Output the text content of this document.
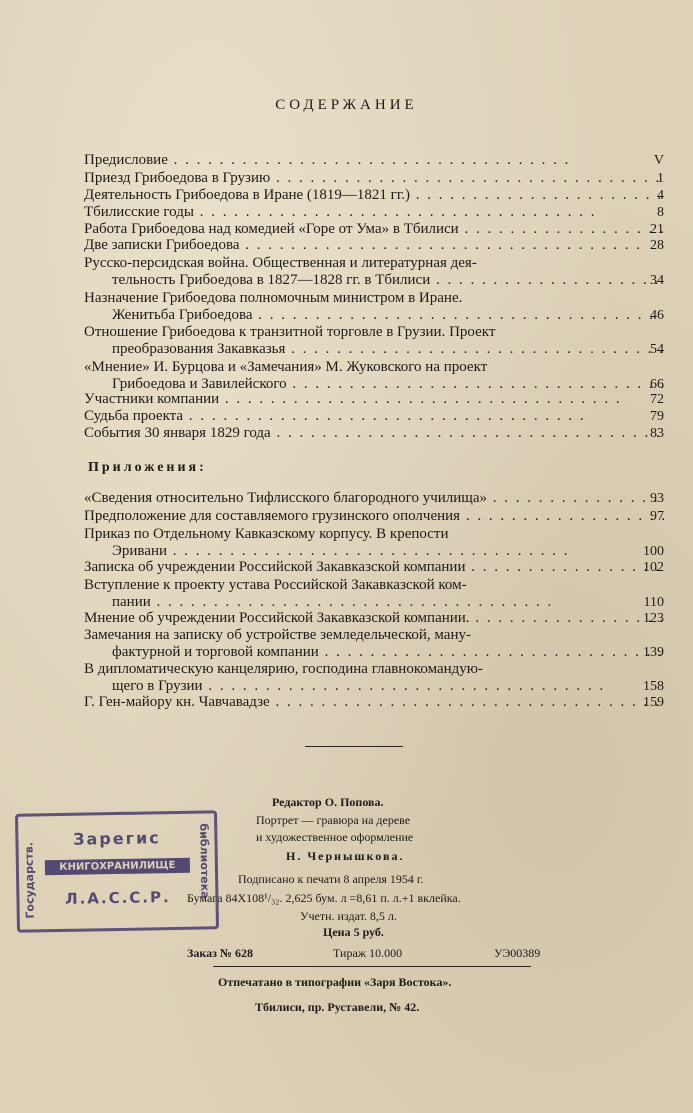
СОДЕРЖАНИЕ
Предисловие . . .	V
Приезд Грибоедова в Грузию . . .	1
Деятельность Грибоедова в Иране (1819—1821 гг.) . . .	4
Тбилисские годы . . .	8
Работа Грибоедова над комедией «Горе от Ума» в Тбилиси . . .	21
Две записки Грибоедова . . .	28
Русско-персидская война. Общественная и литературная дея-
тельность Грибоедова в 1827—1828 гг. в Тбилиси . . .	34
Назначение Грибоедова полномочным министром в Иране.
Женитьба Грибоедова . . .	46
Отношение Грибоедова к транзитной торговле в Грузии. Проект
преобразования Закавказья . . .	54
«Мнение» И. Бурцова и «Замечания» М. Жуковского на проект
Грибоедова и Завилейского . . .	66
Участники компании . . .	72
Судьба проекта . . .	79
События 30 января 1829 года . . .	83
Приложения:
«Сведения относительно Тифлисского благородного училища» . . .	93
Предположение для составляемого грузинского ополчения . . .	97
Приказ по Отдельному Кавказскому корпусу. В крепости
Эривани . . .	100
Записка об учреждении Российской Закавказской компании . . .	102
Вступление к проекту устава Российской Закавказской ком-
пании . . .	110
Мнение об учреждении Российской Закавказской компании. . . .	123
Замечания на записку об устройстве земледельческой, ману-
фактурной и торговой компании . . .	139
В дипломатическую канцелярию, господина главнокомандую-
щего в Грузии . . .	158
Г. Ген-майору кн. Чавчавадзе . . .	159
Редактор О. Попова.
Портрет — гравюра на дереве
и художественное оформление
Н. Чернышкова.
Подписано к печати 8 апреля 1954 г.
Бумага 84Х108¹/₃₂. 2,625 бум. л =8,61 п. л.+1 вклейка.
Учетн. издат. 8,5 л.
Цена 5 руб.
Заказ № 628	Тираж 10.000	УЭ00389
Отпечатано в типографии «Заря Востока».
Тбилиси, пр. Руставели, № 42.
Государств.	библиотека
Зарегис
КНИГОХРАНИЛИЩЕ
Л.А.С.С.Р.
